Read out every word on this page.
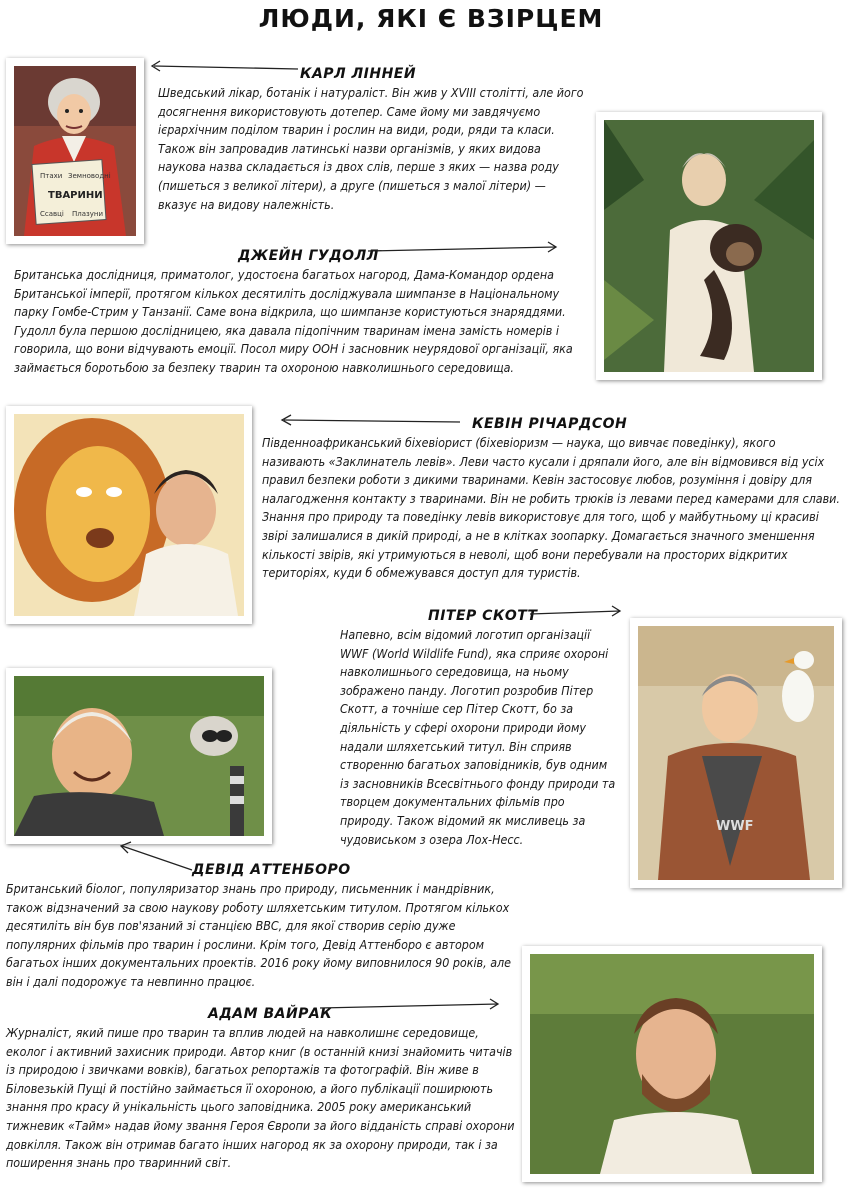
ЛЮДИ, ЯКІ Є ВЗІРЦЕМ
Птахи Земноводні
ТВАРИНИ
Ссавці Плазуни
КАРЛ ЛІННЕЙ

Шведський лікар, ботанік і натураліст. Він жив у XVIII столітті, але його досягнення використовують дотепер. Саме йому ми завдячуємо ієрархічним поділом тварин і рослин на види, роди, ряди та класи. Також він запровадив латинські назви організмів, у яких видова наукова назва складається із двох слів, перше з яких — назва роду (пишеться з великої літери), а друге (пишеться з малої літери) — вказує на видову належність.

ДЖЕЙН ГУДОЛЛ

Британська дослідниця, приматолог, удостоєна багатьох нагород, Дама-Командор ордена Британської імперії, протягом кількох десятиліть досліджувала шимпанзе в Національному парку Гомбе-Стрим у Танзанії. Саме вона відкрила, що шимпанзе користуються знаряддями. Гудолл була першою дослідницею, яка давала підопічним тваринам імена замість номерів і говорила, що вони відчувають емоції. Посол миру ООН і засновник неурядової організації, яка займається боротьбою за безпеку тварин та охороною навколишнього середовища.

КЕВІН РІЧАРДСОН

Південноафриканський біхевіорист (біхевіоризм — наука, що вивчає поведінку), якого називають «Заклинатель левів». Леви часто кусали і дряпали його, але він відмовився від усіх правил безпеки роботи з дикими тваринами. Кевін застосовує любов, розуміння і довіру для налагодження контакту з тваринами. Він не робить трюків із левами перед камерами для слави. Знання про природу та поведінку левів використовує для того, щоб у майбутньому ці красиві звірі залишалися в дикій природі, а не в клітках зоопарку. Домагається значного зменшення кількості звірів, які утримуються в неволі, щоб вони перебували на просторих відкритих територіях, куди б обмежувався доступ для туристів.

ПІТЕР СКОТТ

Напевно, всім відомий логотип організації WWF (World Wildlife Fund), яка сприяє охороні навколишнього середовища, на ньому зображено панду. Логотип розробив Пітер Скотт, а точніше сер Пітер Скотт, бо за діяльність у сфері охорони природи йому надали шляхетський титул. Він сприяв створенню багатьох заповідників, був одним із засновників Всесвітнього фонду природи та творцем документальних фільмів про природу. Також відомий як мисливець за чудовиськом з озера Лох-Несс.

WWF
ДЕВІД АТТЕНБОРО

Британський біолог, популяризатор знань про природу, письменник і мандрівник, також відзначений за свою наукову роботу шляхетським титулом. Протягом кількох десятиліть він був пов'язаний зі станцією BBC, для якої створив серію дуже популярних фільмів про тварин і рослини. Крім того, Девід Аттенборо є автором багатьох інших документальних проектів. 2016 року йому виповнилося 90 років, але він і далі подорожує та невпинно працює.

АДАМ ВАЙРАК

Журналіст, який пише про тварин та вплив людей на навколишнє середовище, еколог і активний захисник природи. Автор книг (в останній книзі знайомить читачів із природою і звичками вовків), багатьох репортажів та фотографій. Він живе в Біловезькій Пущі й постійно займається її охороною, а його публікації поширюють знання про красу й унікальність цього заповідника. 2005 року американський тижневик «Тайм» надав йому звання Героя Європи за його відданість справі охорони довкілля. Також він отримав багато інших нагород як за охорону природи, так і за поширення знань про тваринний світ.
